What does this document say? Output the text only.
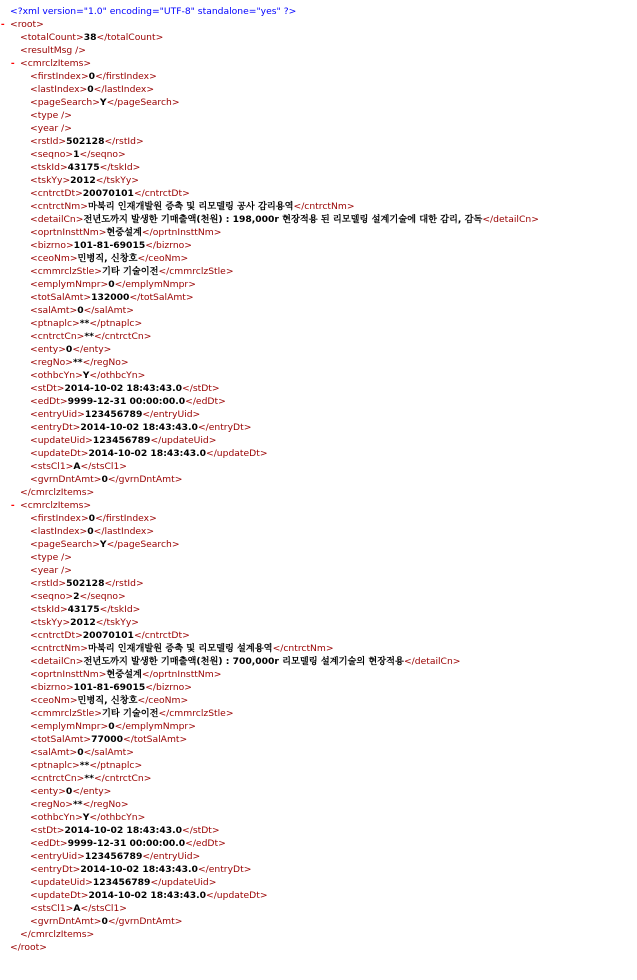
<?xml version="1.0" encoding="UTF-8" standalone="yes" ?>
- <root>
<totalCount>38</totalCount>
<resultMsg />
- <cmrclzItems>
<firstIndex>0</firstIndex>
<lastIndex>0</lastIndex>
<pageSearch>Y</pageSearch>
<type />
<year />
<rstId>502128</rstId>
<seqno>1</seqno>
<tskId>43175</tskId>
<tskYy>2012</tskYy>
<cntrctDt>20070101</cntrctDt>
<cntrctNm>마북리 인재개발원 증축 및 리모델링 공사 감리용역</cntrctNm>
<detailCn>전년도까지 발생한 기매출액(천원) : 198,000r 현장적용 된 리모델링 설계기술에 대한 감리, 감독</detailCn>
<oprtnInsttNm>현중설계</oprtnInsttNm>
<bizrno>101-81-69015</bizrno>
<ceoNm>민병직, 신창호</ceoNm>
<cmmrclzStle>기타 기술이전</cmmrclzStle>
<emplymNmpr>0</emplymNmpr>
<totSalAmt>132000</totSalAmt>
<salAmt>0</salAmt>
<ptnaplc>**</ptnaplc>
<cntrctCn>**</cntrctCn>
<enty>0</enty>
<regNo>**</regNo>
<othbcYn>Y</othbcYn>
<stDt>2014-10-02 18:43:43.0</stDt>
<edDt>9999-12-31 00:00:00.0</edDt>
<entryUid>123456789</entryUid>
<entryDt>2014-10-02 18:43:43.0</entryDt>
<updateUid>123456789</updateUid>
<updateDt>2014-10-02 18:43:43.0</updateDt>
<stsCl1>A</stsCl1>
<gvrnDntAmt>0</gvrnDntAmt>
</cmrclzItems>
- <cmrclzItems>
<firstIndex>0</firstIndex>
<lastIndex>0</lastIndex>
<pageSearch>Y</pageSearch>
<type />
<year />
<rstId>502128</rstId>
<seqno>2</seqno>
<tskId>43175</tskId>
<tskYy>2012</tskYy>
<cntrctDt>20070101</cntrctDt>
<cntrctNm>마북리 인재개발원 증축 및 리모델링 설계용역</cntrctNm>
<detailCn>전년도까지 발생한 기매출액(천원) : 700,000r 리모델링 설계기술의 현장적용</detailCn>
<oprtnInsttNm>현중설계</oprtnInsttNm>
<bizrno>101-81-69015</bizrno>
<ceoNm>민병직, 신창호</ceoNm>
<cmmrclzStle>기타 기술이전</cmmrclzStle>
<emplymNmpr>0</emplymNmpr>
<totSalAmt>77000</totSalAmt>
<salAmt>0</salAmt>
<ptnaplc>**</ptnaplc>
<cntrctCn>**</cntrctCn>
<enty>0</enty>
<regNo>**</regNo>
<othbcYn>Y</othbcYn>
<stDt>2014-10-02 18:43:43.0</stDt>
<edDt>9999-12-31 00:00:00.0</edDt>
<entryUid>123456789</entryUid>
<entryDt>2014-10-02 18:43:43.0</entryDt>
<updateUid>123456789</updateUid>
<updateDt>2014-10-02 18:43:43.0</updateDt>
<stsCl1>A</stsCl1>
<gvrnDntAmt>0</gvrnDntAmt>
</cmrclzItems>
</root>
